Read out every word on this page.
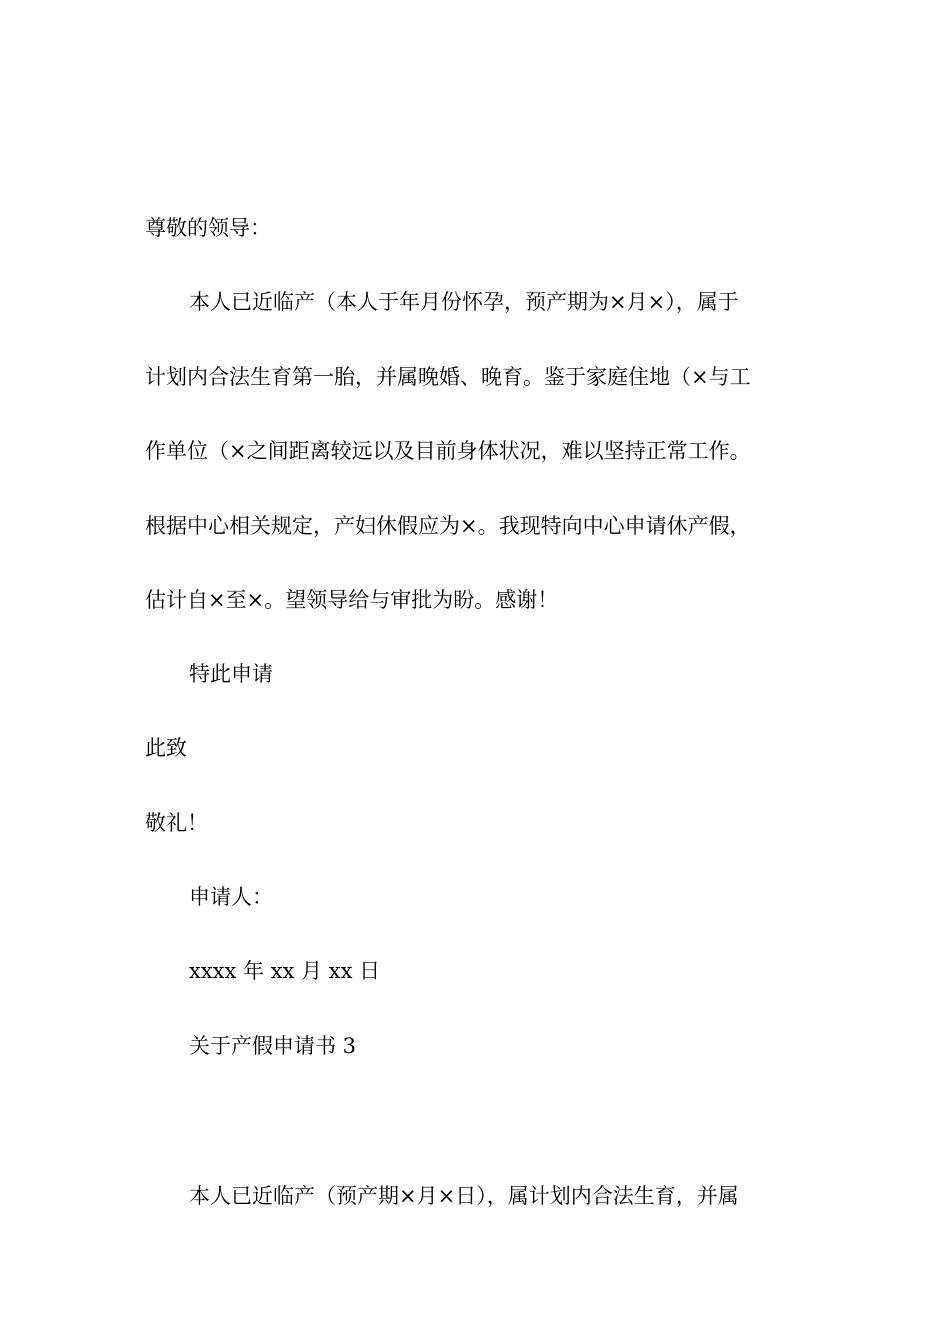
尊敬的领导：
本人已近临产（本人于年月份怀孕，预产期为×月×），属于
计划内合法生育第一胎，并属晚婚、晚育。鉴于家庭住地（×与工
作单位（×之间距离较远以及目前身体状况，难以坚持正常工作。
根据中心相关规定，产妇休假应为×。我现特向中心申请休产假，
估计自×至×。望领导给与审批为盼。感谢！
特此申请
此致
敬礼！
申请人：
xxxx 年 xx 月 xx 日
关于产假申请书 3
本人已近临产（预产期×月×日），属计划内合法生育，并属
